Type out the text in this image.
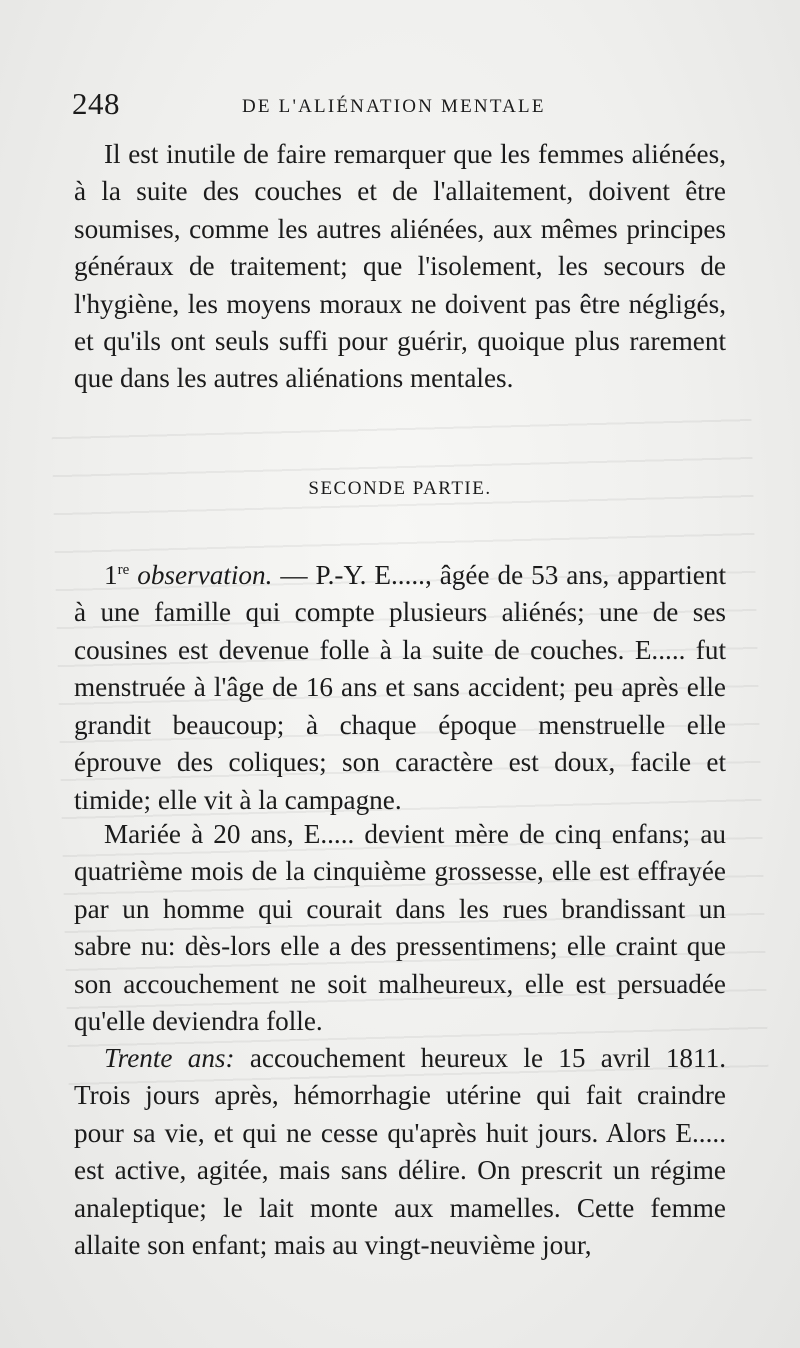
248	DE L'ALIÉNATION MENTALE

Il est inutile de faire remarquer que les femmes aliénées, à la suite des couches et de l'allaitement, doivent être soumises, comme les autres aliénées, aux mêmes principes généraux de traitement; que l'isolement, les secours de l'hygiène, les moyens moraux ne doivent pas être négligés, et qu'ils ont seuls suffi pour guérir, quoique plus rarement que dans les autres aliénations mentales.

SECONDE PARTIE.

1re observation. — P.-Y. E....., âgée de 53 ans, appartient à une famille qui compte plusieurs aliénés; une de ses cousines est devenue folle à la suite de couches. E..... fut menstruée à l'âge de 16 ans et sans accident; peu après elle grandit beaucoup; à chaque époque menstruelle elle éprouve des coliques; son caractère est doux, facile et timide; elle vit à la campagne.

Mariée à 20 ans, E..... devient mère de cinq enfans; au quatrième mois de la cinquième grossesse, elle est effrayée par un homme qui courait dans les rues brandissant un sabre nu: dès-lors elle a des pressentimens; elle craint que son accouchement ne soit malheureux, elle est persuadée qu'elle deviendra folle.

Trente ans: accouchement heureux le 15 avril 1811. Trois jours après, hémorrhagie utérine qui fait craindre pour sa vie, et qui ne cesse qu'après huit jours. Alors E..... est active, agitée, mais sans délire. On prescrit un régime analeptique; le lait monte aux mamelles. Cette femme allaite son enfant; mais au vingt-neuvième jour,
